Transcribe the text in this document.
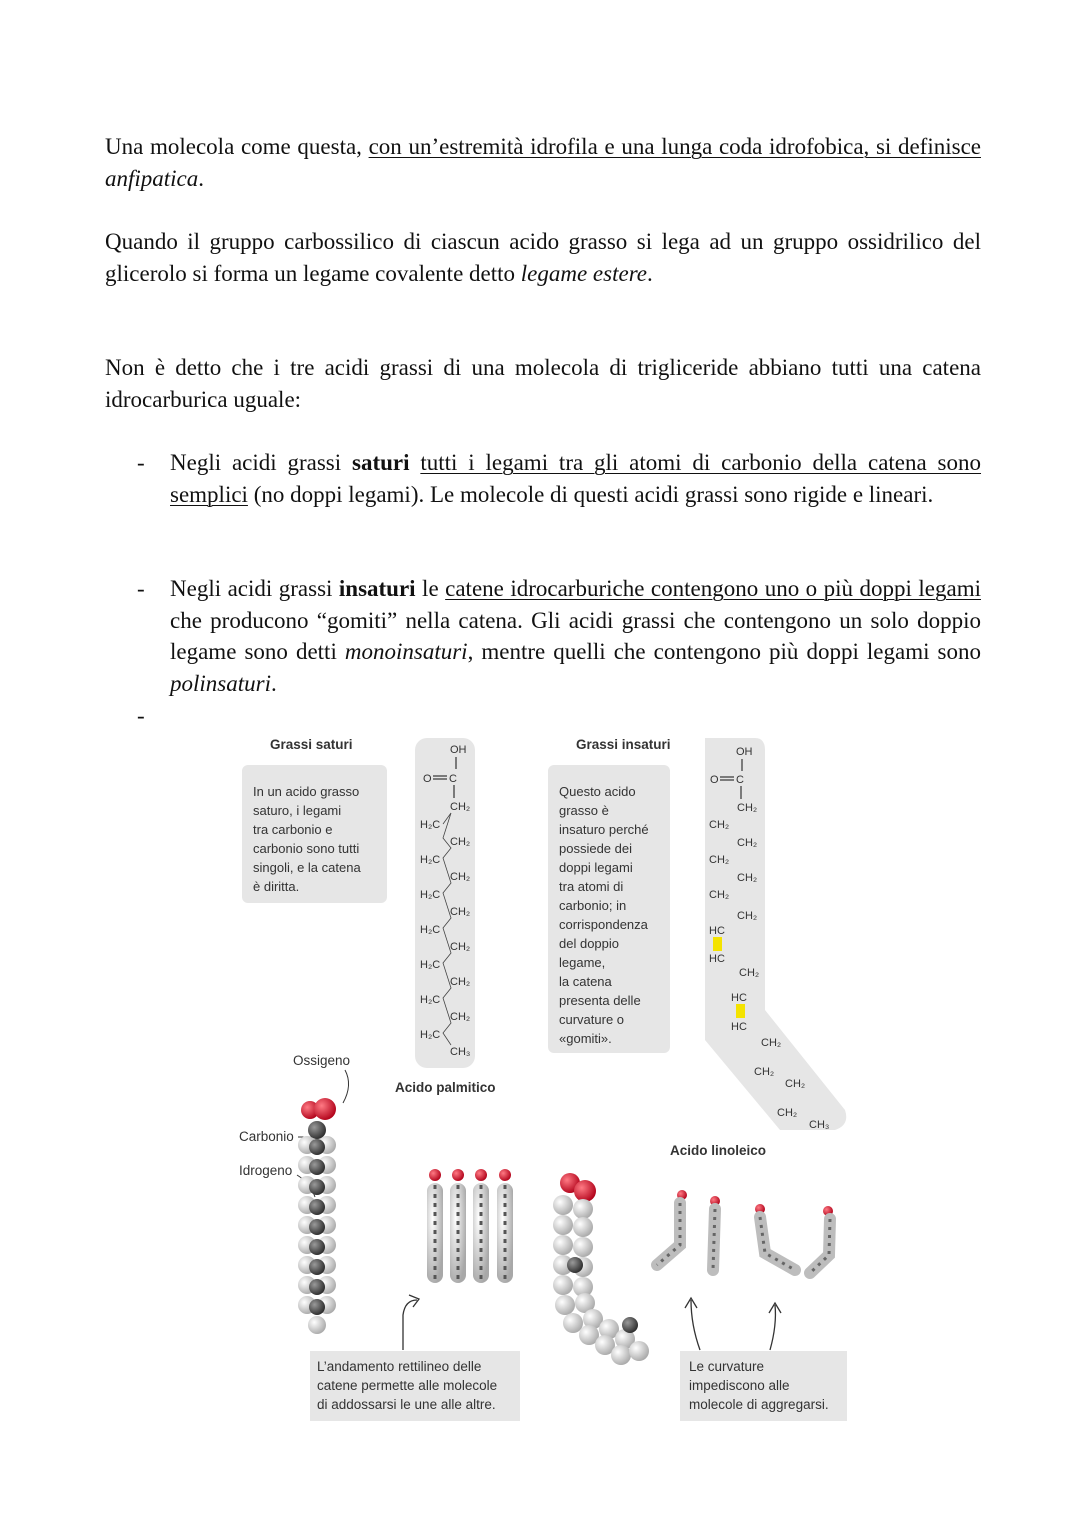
Una molecola come questa, con un’estremità idrofila e una lunga coda idrofobica, si definisce anfipatica.

Quando il gruppo carbossilico di ciascun acido grasso si lega ad un gruppo ossidrilico del glicerolo si forma un legame covalente detto legame estere.

Non è detto che i tre acidi grassi di una molecola di trigliceride abbiano tutti una catena idrocarburica uguale:

- Negli acidi grassi saturi tutti i legami tra gli atomi di carbonio della catena sono semplici (no doppi legami). Le molecole di questi acidi grassi sono rigide e lineari.

- Negli acidi grassi insaturi le catene idrocarburiche contengono uno o più doppi legami che producono “gomiti” nella catena. Gli acidi grassi che contengono un solo doppio legame sono detti monoinsaturi, mentre quelli che contengono più doppi legami sono polinsaturi.

-
Grassi saturi
In un acido grasso saturo, i legami tra carbonio e carbonio sono tutti singoli, e la catena è diritta.
OH
O C
CH₂
H₂C
CH₂
H₂C
CH₂
H₂C
CH₂
H₂C
CH₂
H₂C
CH₂
H₂C
CH₂
H₂C
CH₃
Acido palmitico
Grassi insaturi
Questo acido grasso è insaturo perché possiede dei doppi legami tra atomi di carbonio; in corrispondenza del doppio legame, la catena presenta delle curvature o «gomiti».
OH
O C
CH₂
CH₂
CH₂
CH₂
CH₂
CH₂
CH₂
HC
HC
CH₂
HC
HC
CH₂
CH₂
CH₂
CH₂
CH₃
Acido linoleico
Ossigeno
Carbonio
Idrogeno
L’andamento rettilineo delle catene permette alle molecole di addossarsi le une alle altre.
Le curvature impediscono alle molecole di aggregarsi.
